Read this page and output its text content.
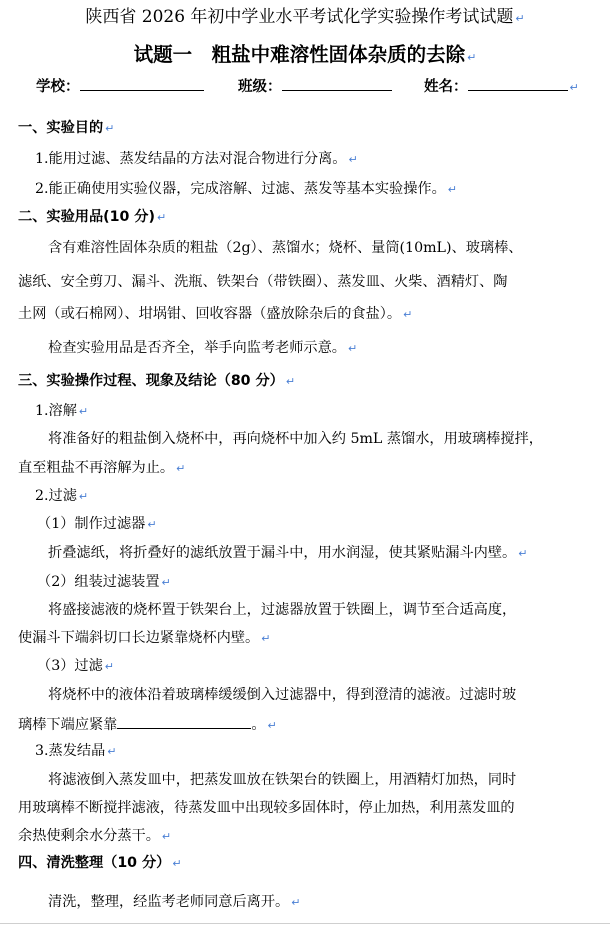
陕西省 2026 年初中学业水平考试化学实验操作考试试题 ↵
试题一　粗盐中难溶性固体杂质的去除 ↵
学校：	班级：	姓名：	↵
一、实验目的 ↵
1.能用过滤、蒸发结晶的方法对混合物进行分离。 ↵
2.能正确使用实验仪器，完成溶解、过滤、蒸发等基本实验操作。 ↵
二、实验用品(10 分) ↵
含有难溶性固体杂质的粗盐（2g）、蒸馏水；烧杯、量筒(10mL)、玻璃棒、
滤纸、安全剪刀、漏斗、洗瓶、铁架台（带铁圈）、蒸发皿、火柴、酒精灯、陶
土网（或石棉网）、坩埚钳、回收容器（盛放除杂后的食盐）。 ↵
检查实验用品是否齐全，举手向监考老师示意。 ↵
三、实验操作过程、现象及结论（80 分） ↵
1.溶解 ↵
将准备好的粗盐倒入烧杯中，再向烧杯中加入约 5mL 蒸馏水，用玻璃棒搅拌，
直至粗盐不再溶解为止。 ↵
2.过滤 ↵
（1）制作过滤器 ↵
折叠滤纸，将折叠好的滤纸放置于漏斗中，用水润湿，使其紧贴漏斗内壁。 ↵
（2）组装过滤装置 ↵
将盛接滤液的烧杯置于铁架台上，过滤器放置于铁圈上，调节至合适高度，
使漏斗下端斜切口长边紧靠烧杯内壁。 ↵
（3）过滤 ↵
将烧杯中的液体沿着玻璃棒缓缓倒入过滤器中，得到澄清的滤液。过滤时玻
璃棒下端应紧靠	。 ↵
3.蒸发结晶 ↵
将滤液倒入蒸发皿中，把蒸发皿放在铁架台的铁圈上，用酒精灯加热，同时
用玻璃棒不断搅拌滤液，待蒸发皿中出现较多固体时，停止加热，利用蒸发皿的
余热使剩余水分蒸干。 ↵
四、清洗整理（10 分） ↵
清洗，整理，经监考老师同意后离开。 ↵
